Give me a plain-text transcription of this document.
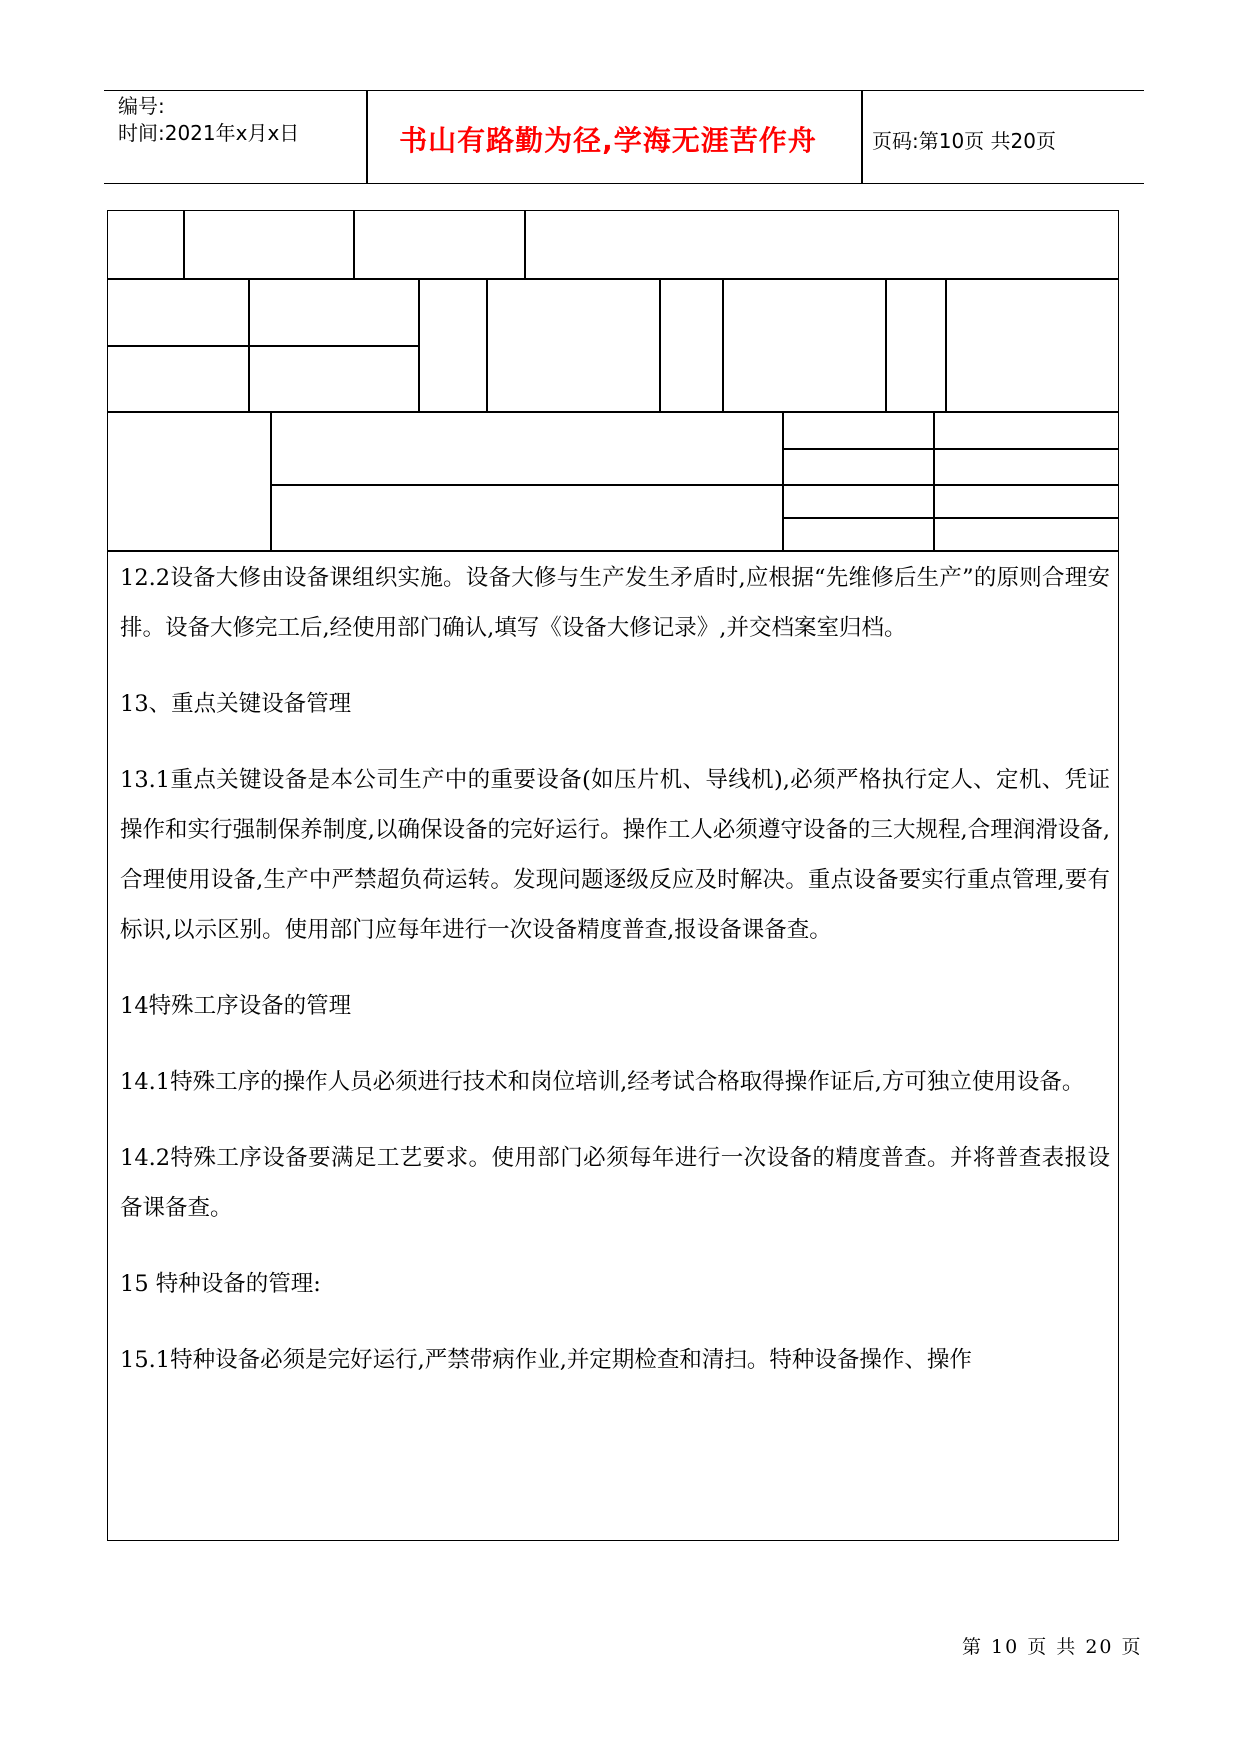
编号:
时间:2021年x月x日	书山有路勤为径,学海无涯苦作舟	页码:第10页 共20页

12.2设备大修由设备课组织实施。设备大修与生产发生矛盾时,应根据“先维修后生产”的原则合理安排。设备大修完工后,经使用部门确认,填写《设备大修记录》,并交档案室归档。

13、重点关键设备管理

13.1重点关键设备是本公司生产中的重要设备(如压片机、导线机),必须严格执行定人、定机、凭证操作和实行强制保养制度,以确保设备的完好运行。操作工人必须遵守设备的三大规程,合理润滑设备,合理使用设备,生产中严禁超负荷运转。发现问题逐级反应及时解决。重点设备要实行重点管理,要有标识,以示区别。使用部门应每年进行一次设备精度普查,报设备课备查。

14特殊工序设备的管理

14.1特殊工序的操作人员必须进行技术和岗位培训,经考试合格取得操作证后,方可独立使用设备。

14.2特殊工序设备要满足工艺要求。使用部门必须每年进行一次设备的精度普查。并将普查表报设备课备查。

15 特种设备的管理:

15.1特种设备必须是完好运行,严禁带病作业,并定期检查和清扫。特种设备操作、操作

第 10 页 共 20 页
